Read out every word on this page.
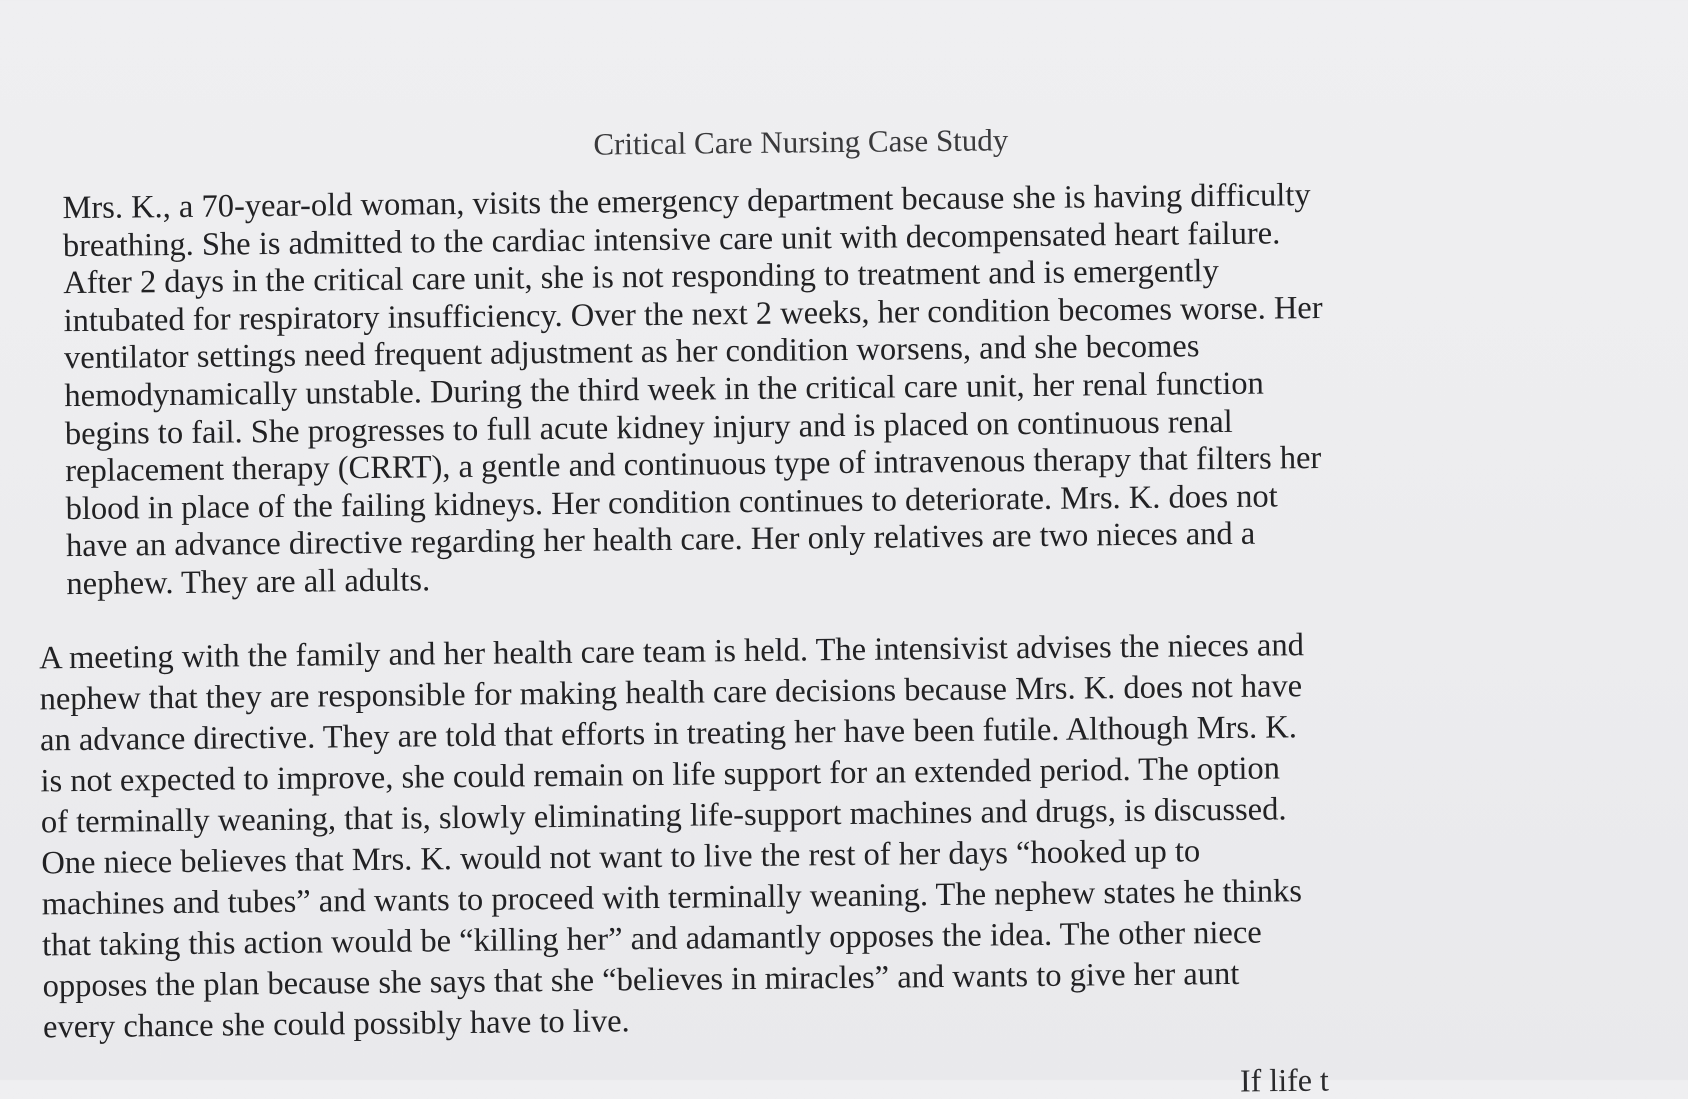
Critical Care Nursing Case Study

Mrs. K., a 70-year-old woman, visits the emergency department because she is having difficulty
breathing. She is admitted to the cardiac intensive care unit with decompensated heart failure.
After 2 days in the critical care unit, she is not responding to treatment and is emergently
intubated for respiratory insufficiency. Over the next 2 weeks, her condition becomes worse. Her
ventilator settings need frequent adjustment as her condition worsens, and she becomes
hemodynamically unstable. During the third week in the critical care unit, her renal function
begins to fail. She progresses to full acute kidney injury and is placed on continuous renal
replacement therapy (CRRT), a gentle and continuous type of intravenous therapy that filters her
blood in place of the failing kidneys. Her condition continues to deteriorate. Mrs. K. does not
have an advance directive regarding her health care. Her only relatives are two nieces and a
nephew. They are all adults.

A meeting with the family and her health care team is held. The intensivist advises the nieces and
nephew that they are responsible for making health care decisions because Mrs. K. does not have
an advance directive. They are told that efforts in treating her have been futile. Although Mrs. K.
is not expected to improve, she could remain on life support for an extended period. The option
of terminally weaning, that is, slowly eliminating life-support machines and drugs, is discussed.
One niece believes that Mrs. K. would not want to live the rest of her days “hooked up to
machines and tubes” and wants to proceed with terminally weaning. The nephew states he thinks
that taking this action would be “killing her” and adamantly opposes the idea. The other niece
opposes the plan because she says that she “believes in miracles” and wants to give her aunt
every chance she could possibly have to live.

If life t
